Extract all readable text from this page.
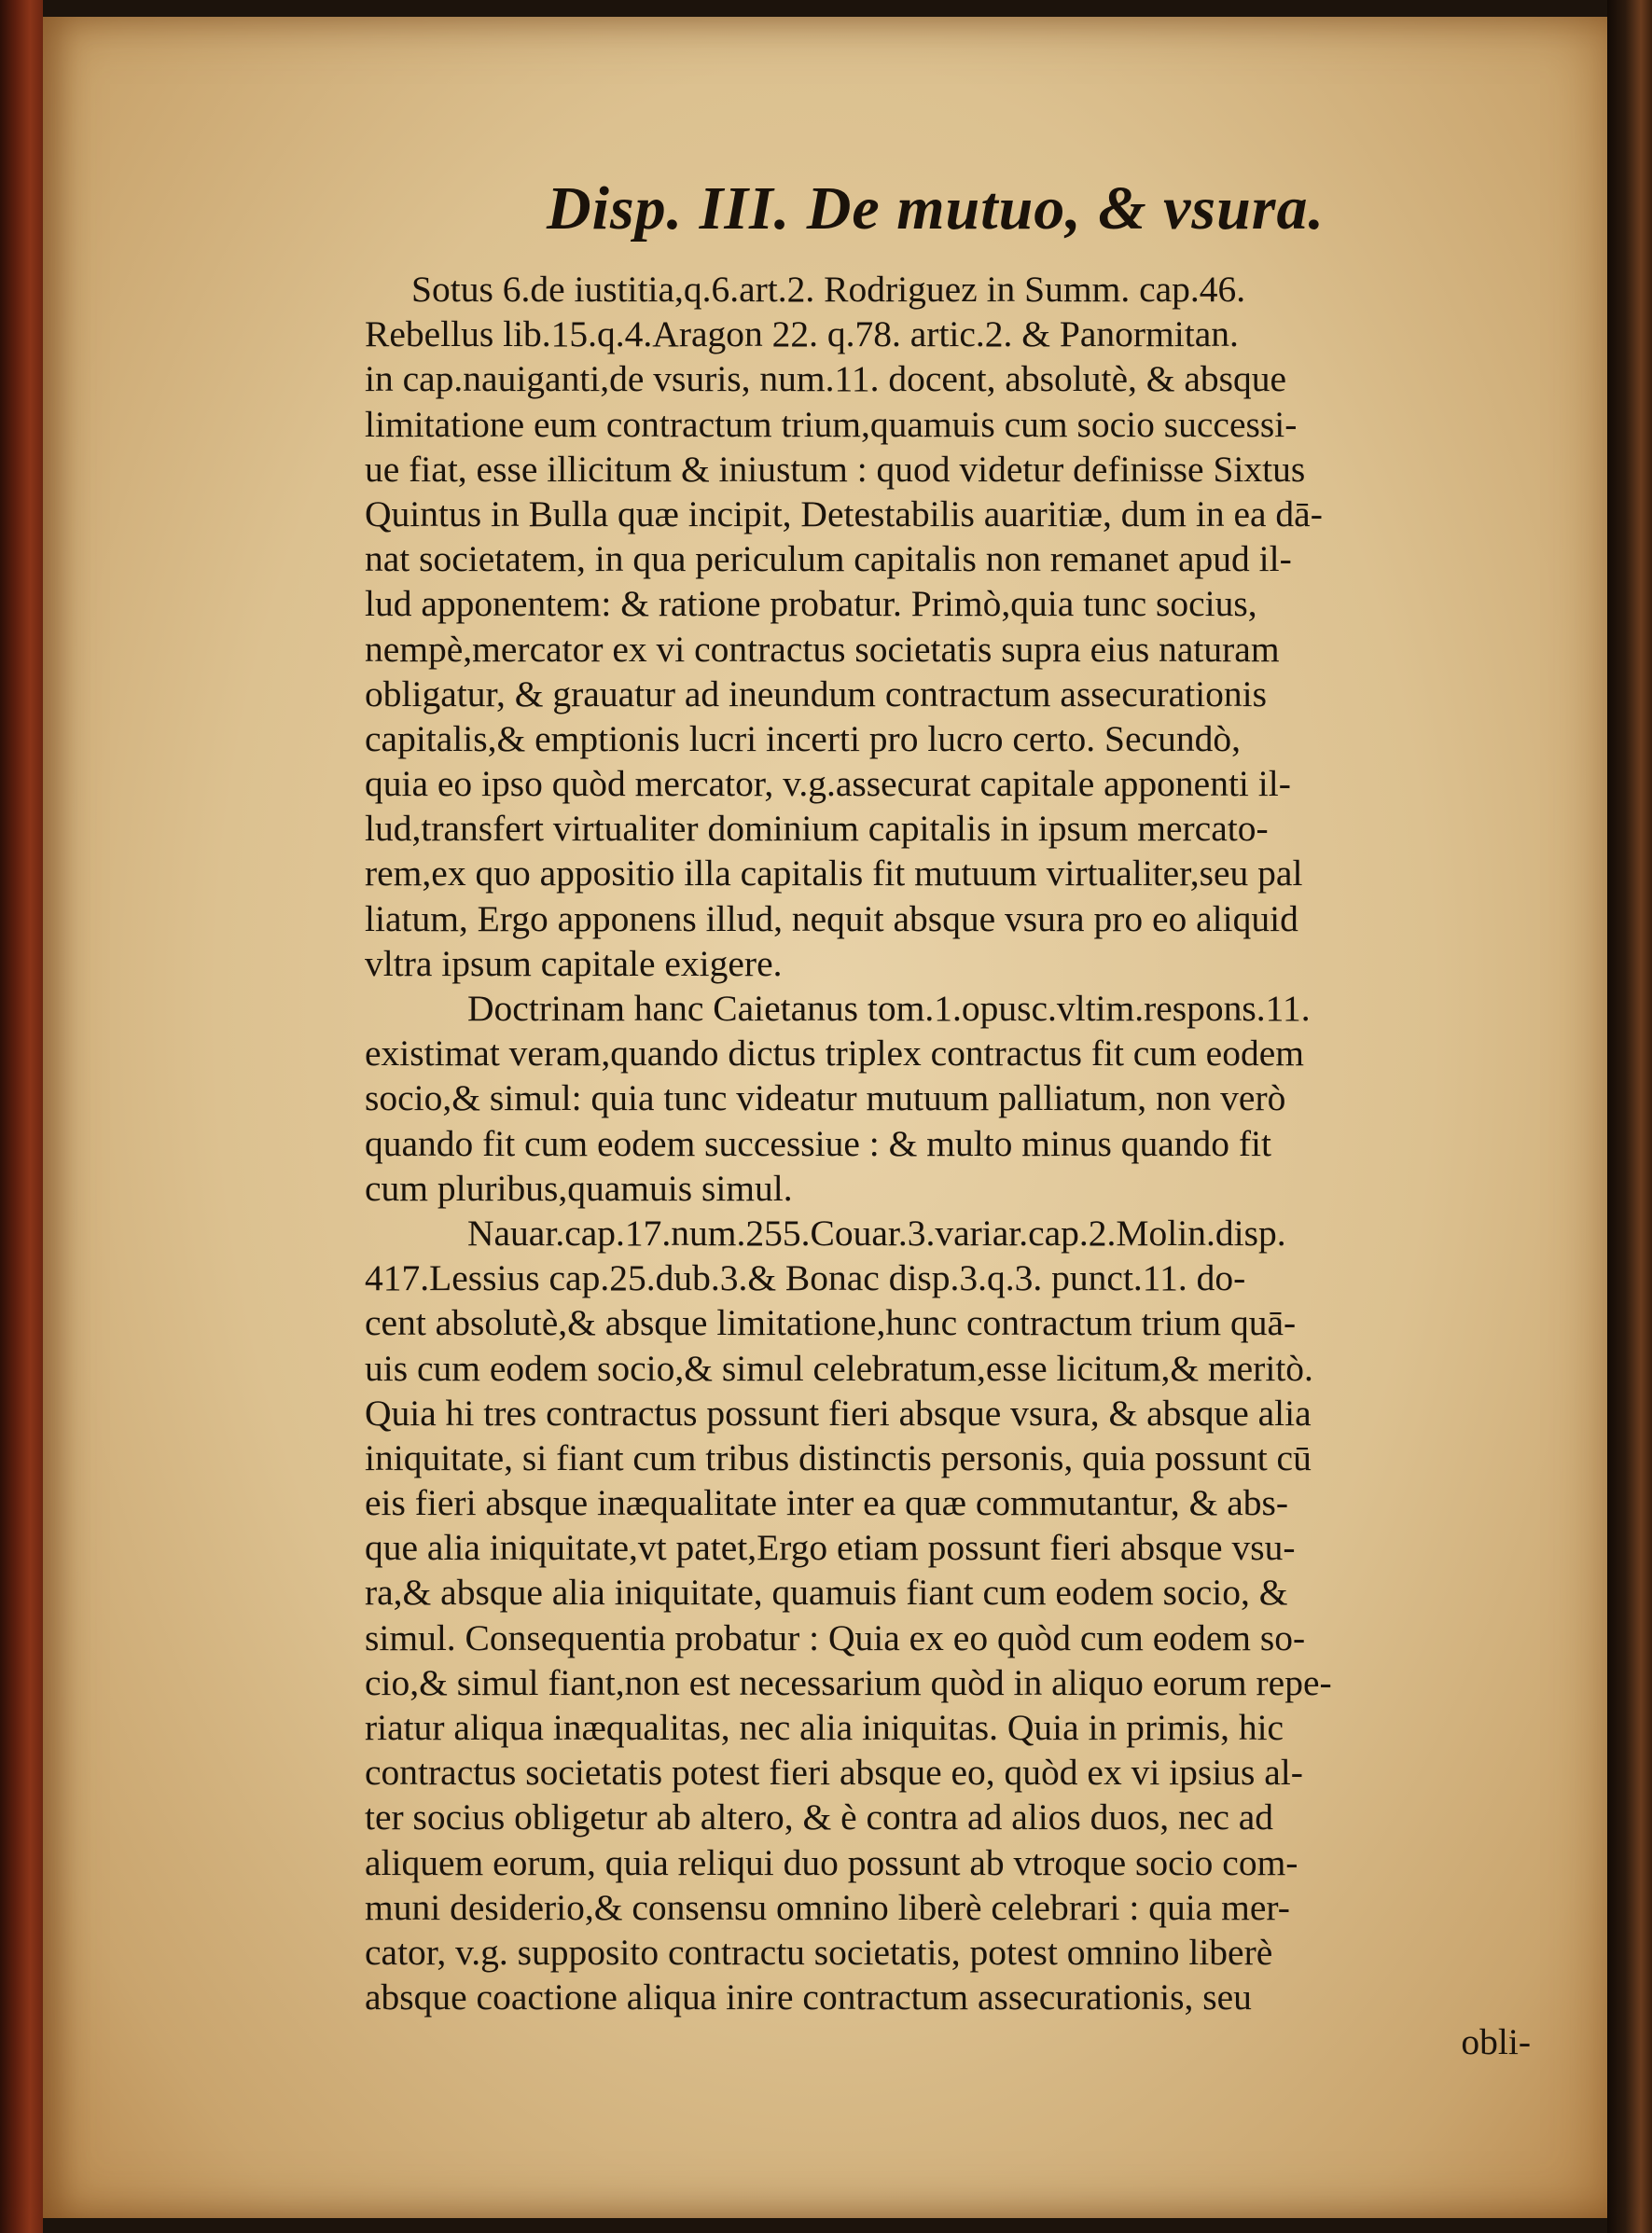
Disp. III. De mutuo, & vsura.
Sotus 6.de iustitia,q.6.art.2. Rodriguez in Summ. cap.46.
Rebellus lib.15.q.4.Aragon 22. q.78. artic.2. & Panormitan.
in cap.nauiganti,de vsuris, num.11. docent, absolutè, & absque
limitatione eum contractum trium,quamuis cum socio successi-
ue fiat, esse illicitum & iniustum : quod videtur definisse Sixtus
Quintus in Bulla quæ incipit, Detestabilis auaritiæ, dum in ea dā-
nat societatem, in qua periculum capitalis non remanet apud il-
lud apponentem: & ratione probatur. Primò,quia tunc socius,
nempè,mercator ex vi contractus societatis supra eius naturam
obligatur, & grauatur ad ineundum contractum assecurationis
capitalis,& emptionis lucri incerti pro lucro certo. Secundò,
quia eo ipso quòd mercator, v.g.assecurat capitale apponenti il-
lud,transfert virtualiter dominium capitalis in ipsum mercato-
rem,ex quo appositio illa capitalis fit mutuum virtualiter,seu pal
liatum, Ergo apponens illud, nequit absque vsura pro eo aliquid
vltra ipsum capitale exigere.
Doctrinam hanc Caietanus tom.1.opusc.vltim.respons.11.
existimat veram,quando dictus triplex contractus fit cum eodem
socio,& simul: quia tunc videatur mutuum palliatum, non verò
quando fit cum eodem successiue : & multo minus quando fit
cum pluribus,quamuis simul.
Nauar.cap.17.num.255.Couar.3.variar.cap.2.Molin.disp.
417.Lessius cap.25.dub.3.& Bonac disp.3.q.3. punct.11. do-
cent absolutè,& absque limitatione,hunc contractum trium quā-
uis cum eodem socio,& simul celebratum,esse licitum,& meritò.
Quia hi tres contractus possunt fieri absque vsura, & absque alia
iniquitate, si fiant cum tribus distinctis personis, quia possunt cū
eis fieri absque inæqualitate inter ea quæ commutantur, & abs-
que alia iniquitate,vt patet,Ergo etiam possunt fieri absque vsu-
ra,& absque alia iniquitate, quamuis fiant cum eodem socio, &
simul. Consequentia probatur : Quia ex eo quòd cum eodem so-
cio,& simul fiant,non est necessarium quòd in aliquo eorum repe-
riatur aliqua inæqualitas, nec alia iniquitas. Quia in primis, hic
contractus societatis potest fieri absque eo, quòd ex vi ipsius al-
ter socius obligetur ab altero, & è contra ad alios duos, nec ad
aliquem eorum, quia reliqui duo possunt ab vtroque socio com-
muni desiderio,& consensu omnino liberè celebrari : quia mer-
cator, v.g. supposito contractu societatis, potest omnino liberè
absque coactione aliqua inire contractum assecurationis, seu
obli-
